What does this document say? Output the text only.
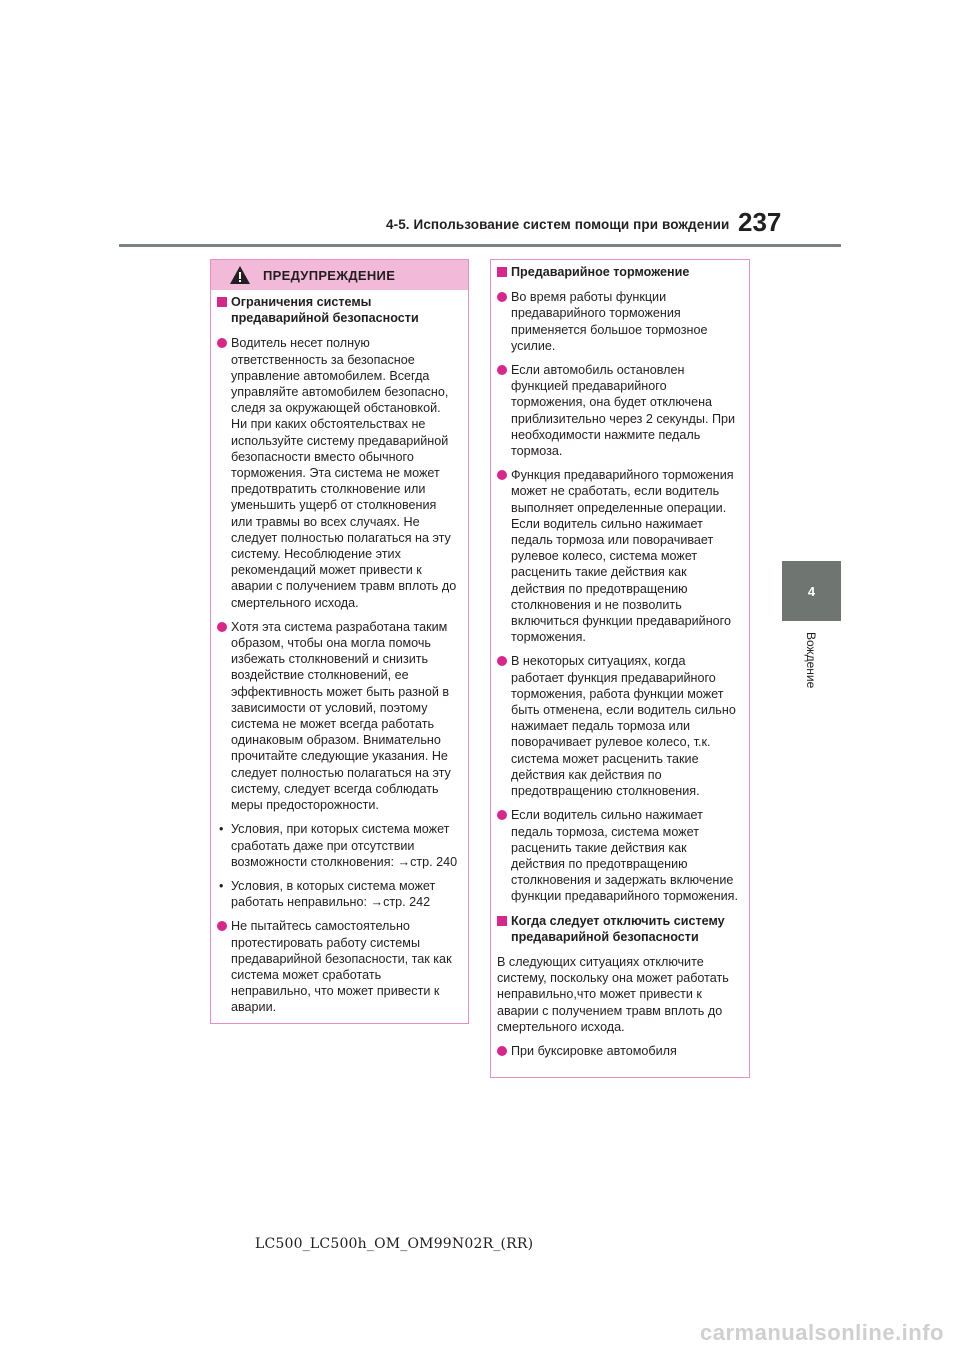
4-5. Использование систем помощи при вождении 237
4
Вождение
ПРЕДУПРЕЖДЕНИЕ
Ограничения системы предаварийной безопасности
Водитель несет полную ответственность за безопасное управление автомобилем. Всегда управляйте автомобилем безопасно, следя за окружающей обстановкой. Ни при каких обстоятельствах не используйте систему предаварийной безопасности вместо обычного торможения. Эта система не может предотвратить столкновение или уменьшить ущерб от столкновения или травмы во всех случаях. Не следует полностью полагаться на эту систему. Несоблюдение этих рекомендаций может привести к аварии с получением травм вплоть до смертельного исхода.
Хотя эта система разработана таким образом, чтобы она могла помочь избежать столкновений и снизить воздействие столкновений, ее эффективность может быть разной в зависимости от условий, поэтому система не может всегда работать одинаковым образом. Внимательно прочитайте следующие указания. Не следует полностью полагаться на эту систему, следует всегда соблюдать меры предосторожности.
• Условия, при которых система может сработать даже при отсутствии возможности столкновения: →стр. 240
• Условия, в которых система может работать неправильно: →стр. 242
Не пытайтесь самостоятельно протестировать работу системы предаварийной безопасности, так как система может сработать неправильно, что может привести к аварии.
Предаварийное торможение
Во время работы функции предаварийного торможения применяется большое тормозное усилие.
Если автомобиль остановлен функцией предаварийного торможения, она будет отключена приблизительно через 2 секунды. При необходимости нажмите педаль тормоза.
Функция предаварийного торможения может не сработать, если водитель выполняет определенные операции. Если водитель сильно нажимает педаль тормоза или поворачивает рулевое колесо, система может расценить такие действия как действия по предотвращению столкновения и не позволить включиться функции предаварийного торможения.
В некоторых ситуациях, когда работает функция предаварийного торможения, работа функции может быть отменена, если водитель сильно нажимает педаль тормоза или поворачивает рулевое колесо, т.к. система может расценить такие действия как действия по предотвращению столкновения.
Если водитель сильно нажимает педаль тормоза, система может расценить такие действия как действия по предотвращению столкновения и задержать включение функции предаварийного торможения.
Когда следует отключить систему предаварийной безопасности
В следующих ситуациях отключите систему, поскольку она может работать неправильно,что может привести к аварии с получением травм вплоть до смертельного исхода.
При буксировке автомобиля
LC500_LC500h_OM_OM99N02R_(RR)
carmanualsonline.info
